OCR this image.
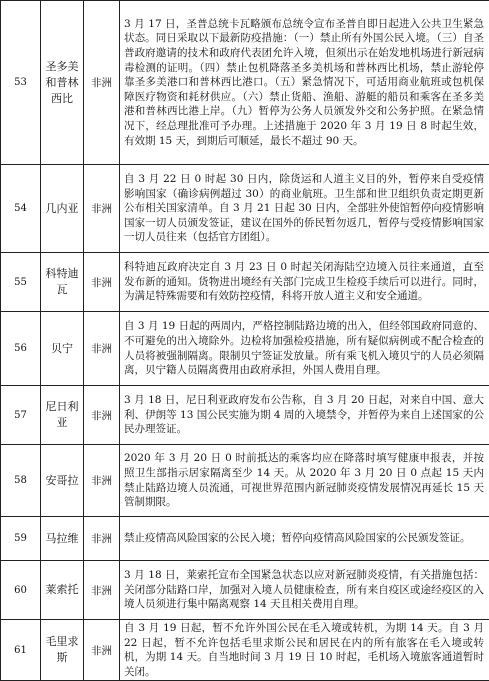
53	圣多美和普林西比	非洲	3 月 17 日，圣普总统卡瓦略颁布总统令宣布圣普自即日起进入公共卫生紧急状态。同日采取以下最新防疫措施：（一）禁止所有外国公民入境。（三）自圣普政府邀请的技术和政府代表团允许入境，但须出示在始发地机场进行新冠病毒检测的证明。（四）禁止包机降落圣多美机场和普林西比机场，禁止游轮停靠圣多美港口和普林西比港口。（五）紧急情况下，可适用商业航班或包机保障医疗物资和耗材供应。（六）禁止货船、渔船、游艇的船员和乘客在圣多美港和普林西比港上岸。（九）暂停为公务人员颁发外交和公务护照。在紧急情况下，经总理批准可予办理。上述措施于 2020 年 3 月 19 日 8 时起生效，有效期 15 天，到期后可顺延，最长不超过 90 天。
54	几内亚	非洲	自 3 月 22 日 0 时起 30 日内，除货运和人道主义目的外，暂停来自受疫情影响国家（确诊病例超过 30）的商业航班。卫生部和世卫组织负责定期更新公布相关国家清单。自 3 月 21 日起 30 日内，全部驻外使馆暂停向疫情影响国家一切人员颁发签证，建议在国外的侨民暂勿返几，暂停与受疫情影响国家一切人员往来（包括官方团组）。
55	科特迪瓦	非洲	科特迪瓦政府决定自 3 月 23 日 0 时起关闭海陆空边境入员往来通道，直至发布新的通知。货物进出境经有关部门完成卫生检疫手续后可以进行。同时，为满足特殊需要和有效防控疫情，科将开放人道主义和安全通道。
56	贝宁	非洲	自 3 月 19 日起的两周内，严格控制陆路边境的出入，但经邻国政府同意的、不可避免的出入境除外。边检将加强检疫措施，所有疑似病例或不配合检查的人员将被强制隔离。限制贝宁签证发放量。所有乘飞机入境贝宁的人员必须隔离，贝宁籍人员隔离费用由政府承担，外国人费用自理。
57	尼日利亚	非洲	3 月 18 日，尼日利亚政府发布公告称，自 3 月 20 日起，对来自中国、意大利、伊朗等 13 国公民实施为期 4 周的入境禁令，并暂停为来自上述国家的公民办理签证。
58	安哥拉	非洲	2020 年 3 月 20 日 0 时前抵达的乘客均应在降落时填写健康申报表，并按照卫生部指示居家隔离至少 14 天。从 2020 年 3 月 20 日 0 点起 15 天内禁止陆路边境人员流通，可视世界范围内新冠肺炎疫情发展情况再延长 15 天管制期限。
59	马拉维	非洲	禁止疫情高风险国家的公民入境；暂停向疫情高风险国家的公民颁发签证。
60	莱索托	非洲	3 月 18 日，莱索托宣布全国紧急状态以应对新冠肺炎疫情，有关措施包括：关闭部分陆路口岸，加强对入境人员健康检查，所有来自疫区或途经疫区的入境人员须进行集中隔离观察 14 天且相关费用自理。
61	毛里求斯	非洲	自 3 月 19 日起，暂不允许外国公民在毛入境或转机，为期 14 天。自 3 月 22 日起，暂不允许包括毛里求斯公民和居民在内的所有旅客在毛入境或转机，为期 14 天。自当地时间 3 月 19 日 10 时起，毛机场入境旅客通道暂时关闭。
